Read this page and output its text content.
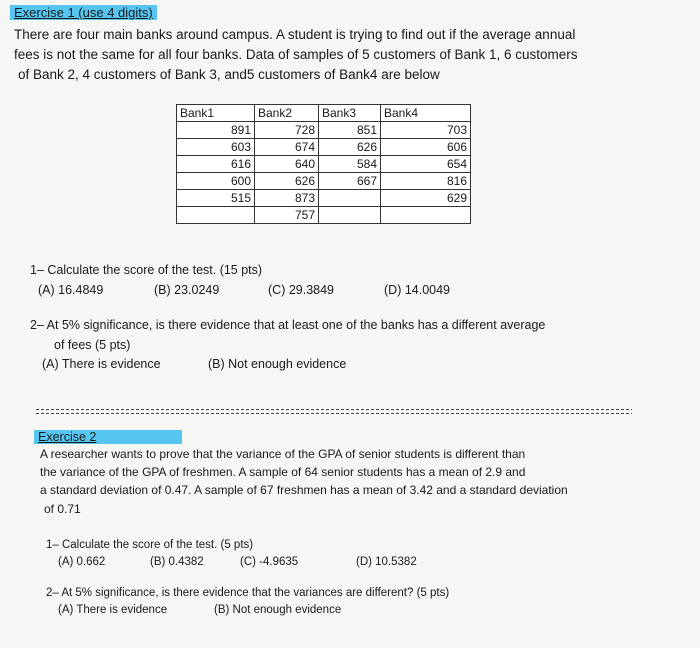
Exercise 1 (use 4 digits)
There are four main banks around campus. A student is trying to find out if the average annual
fees is not the same for all four banks. Data of samples of 5 customers of Bank 1, 6 customers
of Bank 2, 4 customers of Bank 3, and5 customers of Bank4 are below
Bank1	Bank2	Bank3	Bank4
891	728	851	703
603	674	626	606
616	640	584	654
600	626	667	816
515	873		629
	757		
1– Calculate the score of the test. (15 pts)
(A) 16.4849	(B) 23.0249	(C) 29.3849	(D) 14.0049
2– At 5% significance, is there evidence that at least one of the banks has a different average
of fees (5 pts)
(A) There is evidence	(B) Not enough evidence
Exercise 2
A researcher wants to prove that the variance of the GPA of senior students is different than
the variance of the GPA of freshmen. A sample of 64 senior students has a mean of 2.9 and
a standard deviation of 0.47. A sample of 67 freshmen has a mean of 3.42 and a standard deviation
of 0.71
1– Calculate the score of the test. (5 pts)
(A) 0.662	(B) 0.4382	(C) -4.9635	(D) 10.5382
2– At 5% significance, is there evidence that the variances are different? (5 pts)
(A) There is evidence	(B) Not enough evidence
